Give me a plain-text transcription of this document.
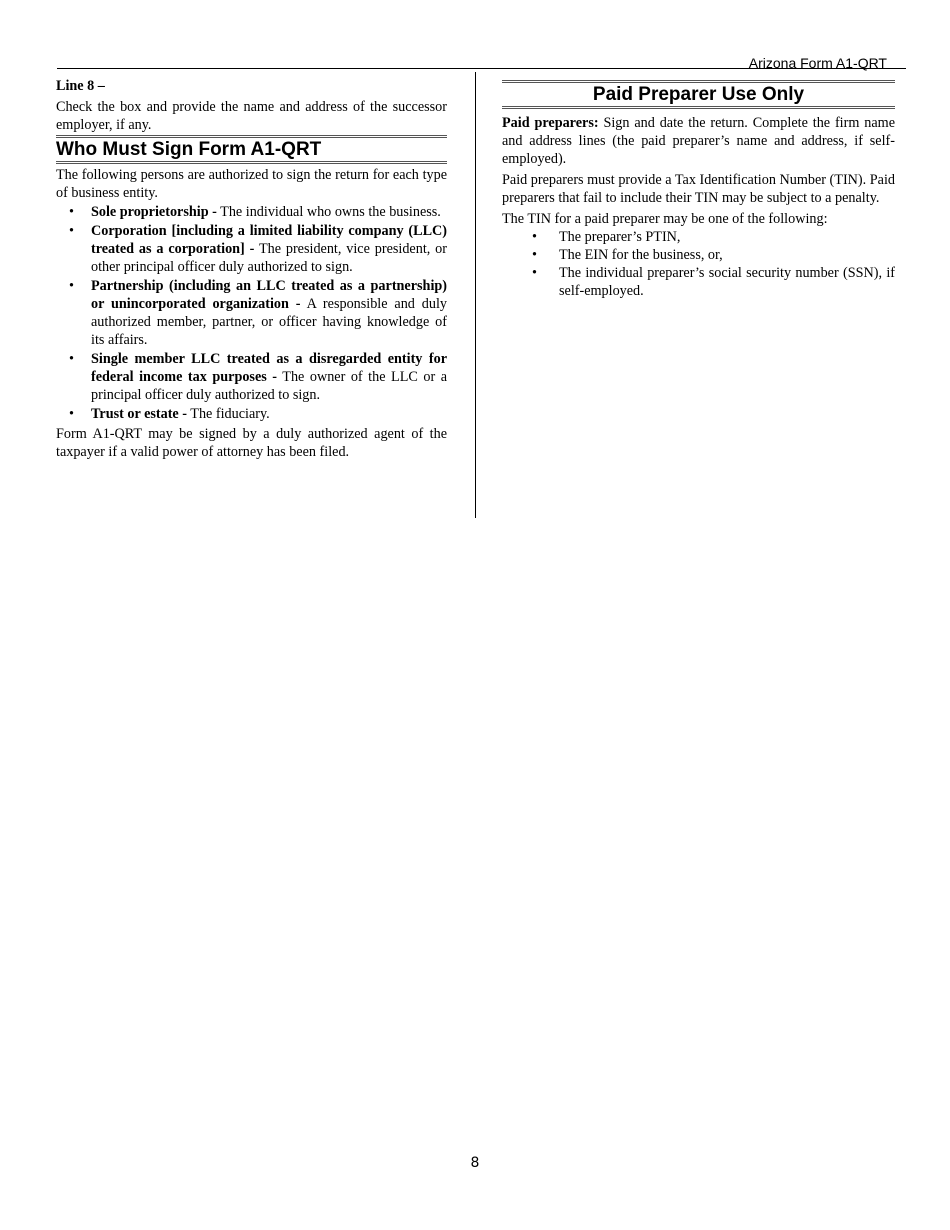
Arizona Form A1-QRT

Line 8 –

Check the box and provide the name and address of the successor employer, if any.

Who Must Sign Form A1-QRT

The following persons are authorized to sign the return for each type of business entity.

• Sole proprietorship - The individual who owns the business.
• Corporation [including a limited liability company (LLC) treated as a corporation] - The president, vice president, or other principal officer duly authorized to sign.
• Partnership (including an LLC treated as a partnership) or unincorporated organization - A responsible and duly authorized member, partner, or officer having knowledge of its affairs.
• Single member LLC treated as a disregarded entity for federal income tax purposes - The owner of the LLC or a principal officer duly authorized to sign.
• Trust or estate - The fiduciary.

Form A1-QRT may be signed by a duly authorized agent of the taxpayer if a valid power of attorney has been filed.

Paid Preparer Use Only

Paid preparers: Sign and date the return. Complete the firm name and address lines (the paid preparer’s name and address, if self-employed).

Paid preparers must provide a Tax Identification Number (TIN). Paid preparers that fail to include their TIN may be subject to a penalty.

The TIN for a paid preparer may be one of the following:

• The preparer’s PTIN,
• The EIN for the business, or,
• The individual preparer’s social security number (SSN), if self-employed.
8
